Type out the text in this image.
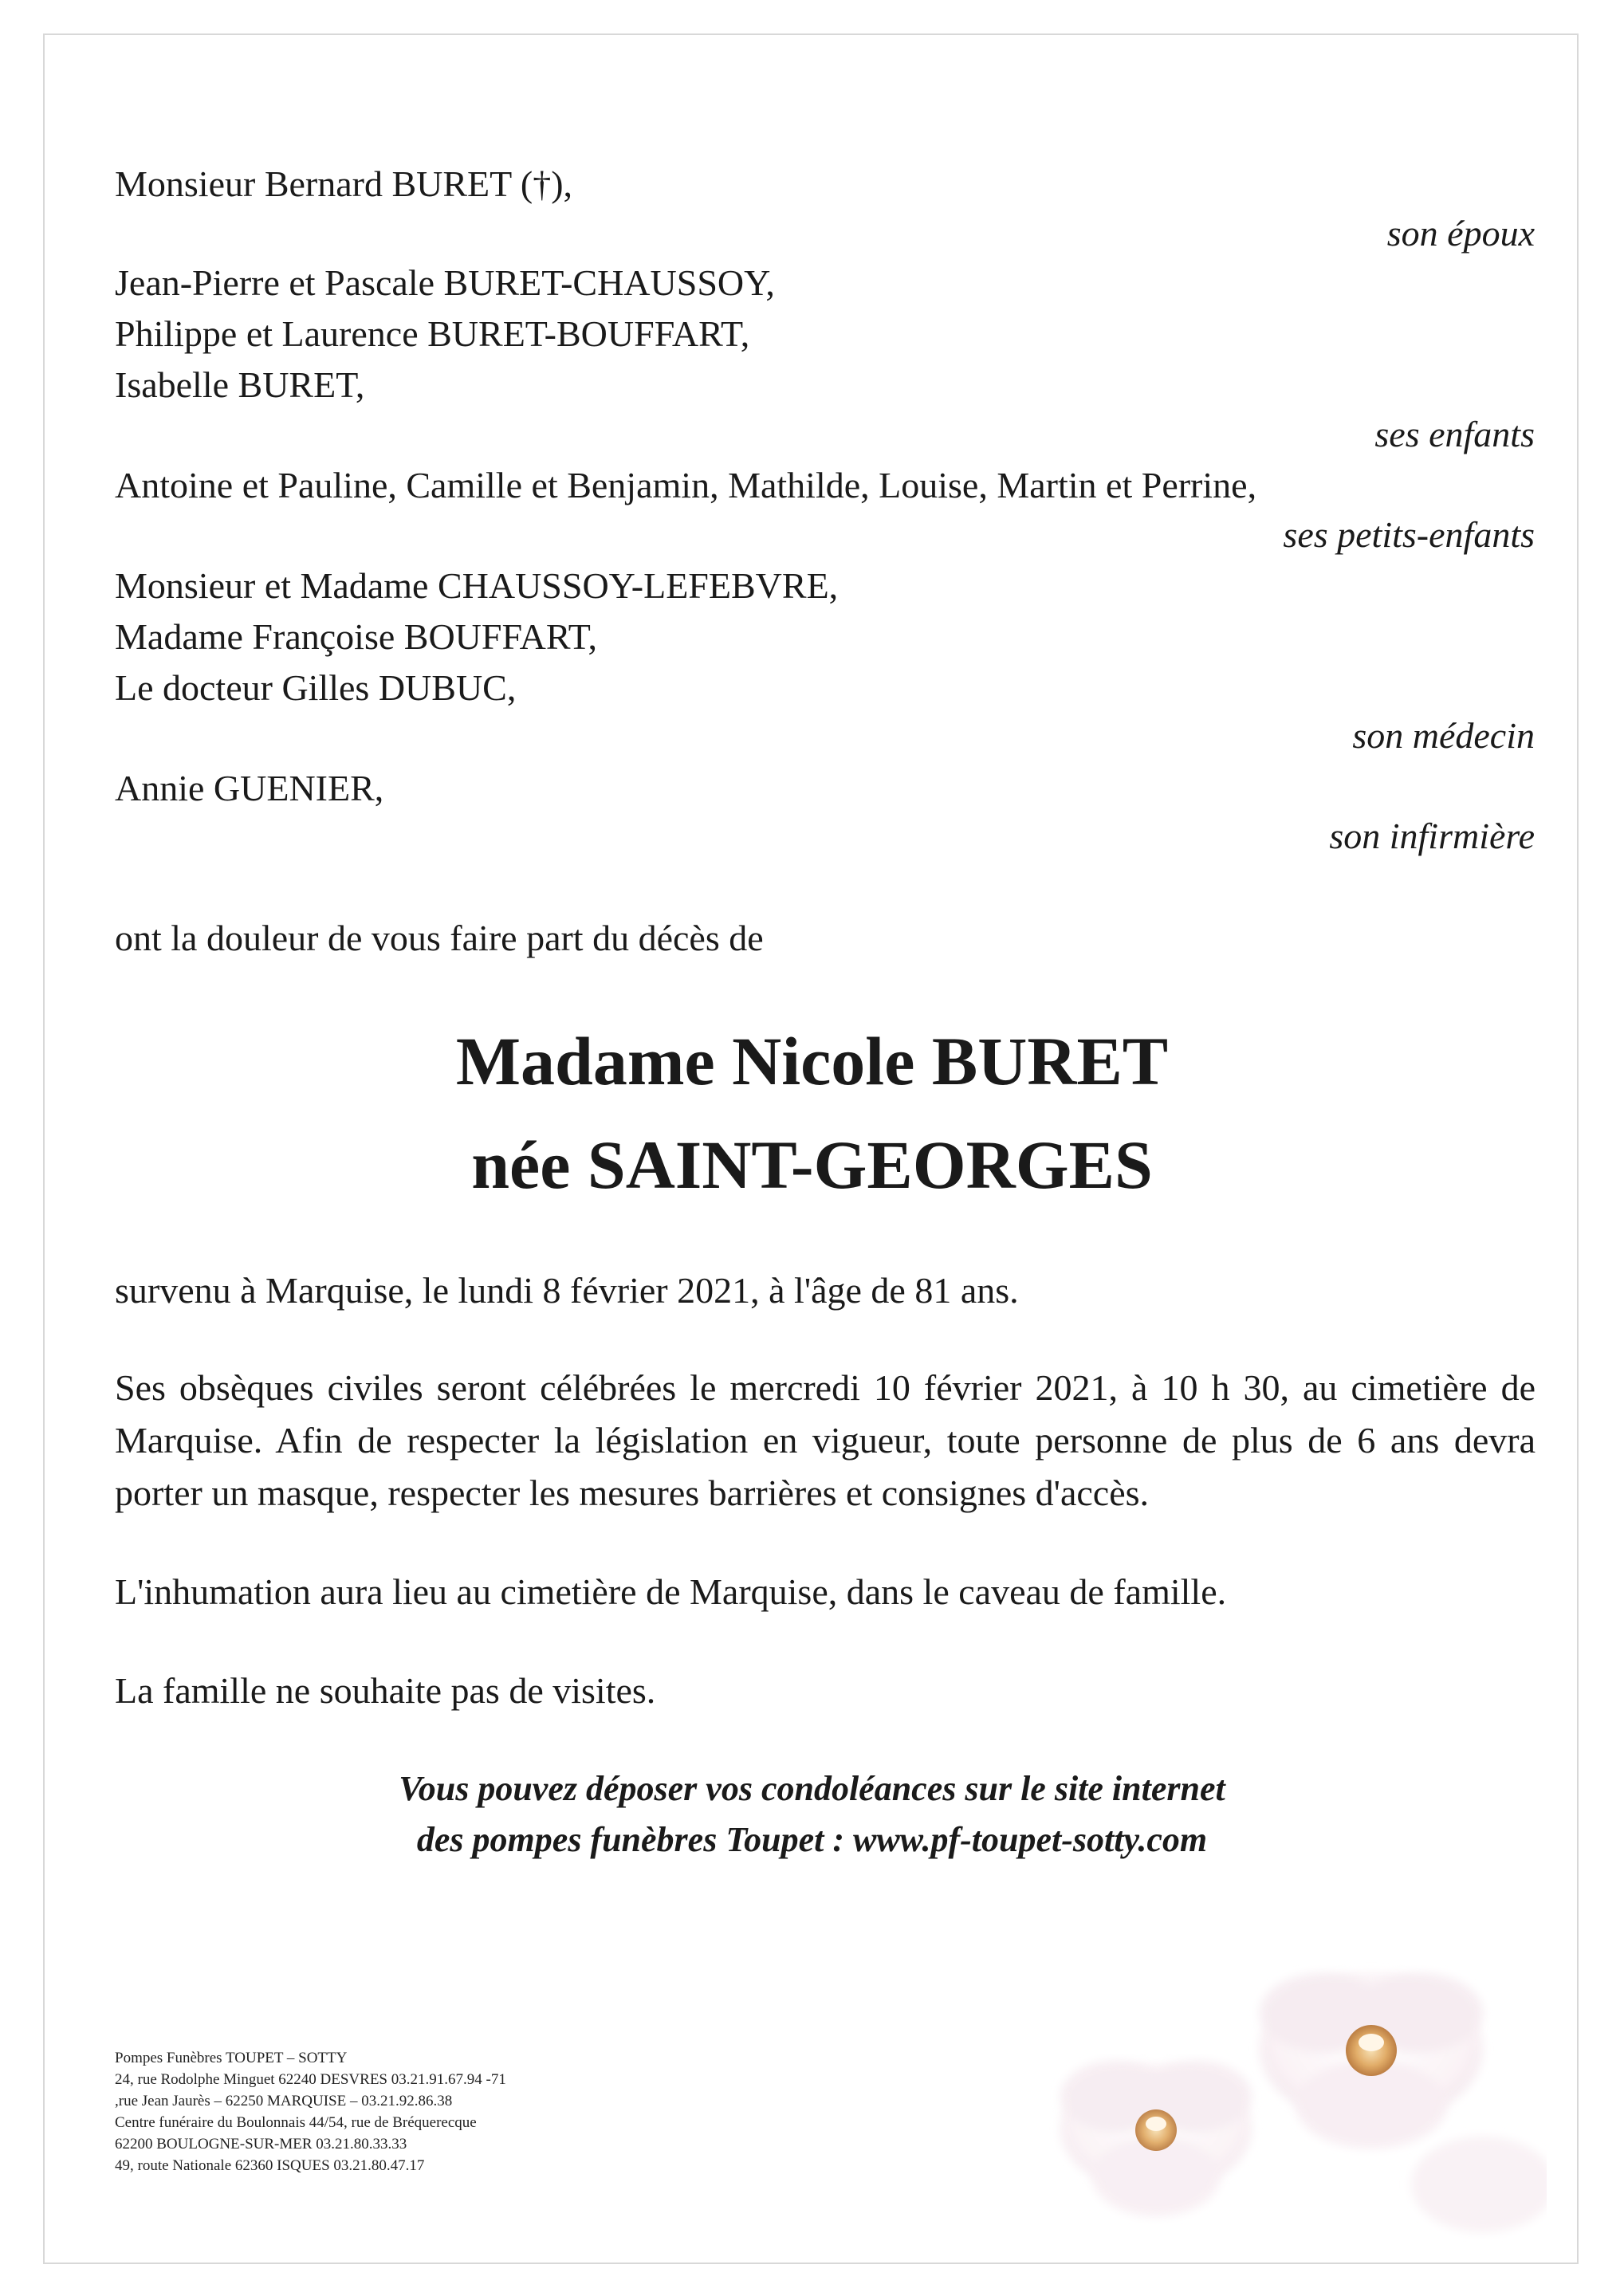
Monsieur Bernard BURET (†),
son époux
Jean-Pierre et Pascale BURET-CHAUSSOY,
Philippe et Laurence BURET-BOUFFART,
Isabelle BURET,
ses enfants
Antoine et Pauline, Camille et Benjamin, Mathilde, Louise, Martin et Perrine,
ses petits-enfants
Monsieur et Madame CHAUSSOY-LEFEBVRE,
Madame Françoise BOUFFART,
Le docteur Gilles DUBUC,
son médecin
Annie GUENIER,
son infirmière
ont la douleur de vous faire part du décès de
Madame Nicole BURET
née SAINT-GEORGES
survenu à Marquise, le lundi 8 février 2021, à l'âge de 81 ans.
Ses obsèques civiles seront célébrées le mercredi 10 février 2021, à 10 h 30, au cimetière de Marquise. Afin de respecter la législation en vigueur, toute personne de plus de 6 ans devra porter un masque, respecter les mesures barrières et consignes d'accès.
L'inhumation aura lieu au cimetière de Marquise, dans le caveau de famille.
La famille ne souhaite pas de visites.
Vous pouvez déposer vos condoléances sur le site internet
des pompes funèbres Toupet : www.pf-toupet-sotty.com
Pompes Funèbres TOUPET – SOTTY
24, rue Rodolphe Minguet 62240 DESVRES 03.21.91.67.94 -71
,rue Jean Jaurès – 62250 MARQUISE – 03.21.92.86.38
Centre funéraire du Boulonnais 44/54, rue de Bréquerecque
62200 BOULOGNE-SUR-MER 03.21.80.33.33
49, route Nationale 62360 ISQUES 03.21.80.47.17
